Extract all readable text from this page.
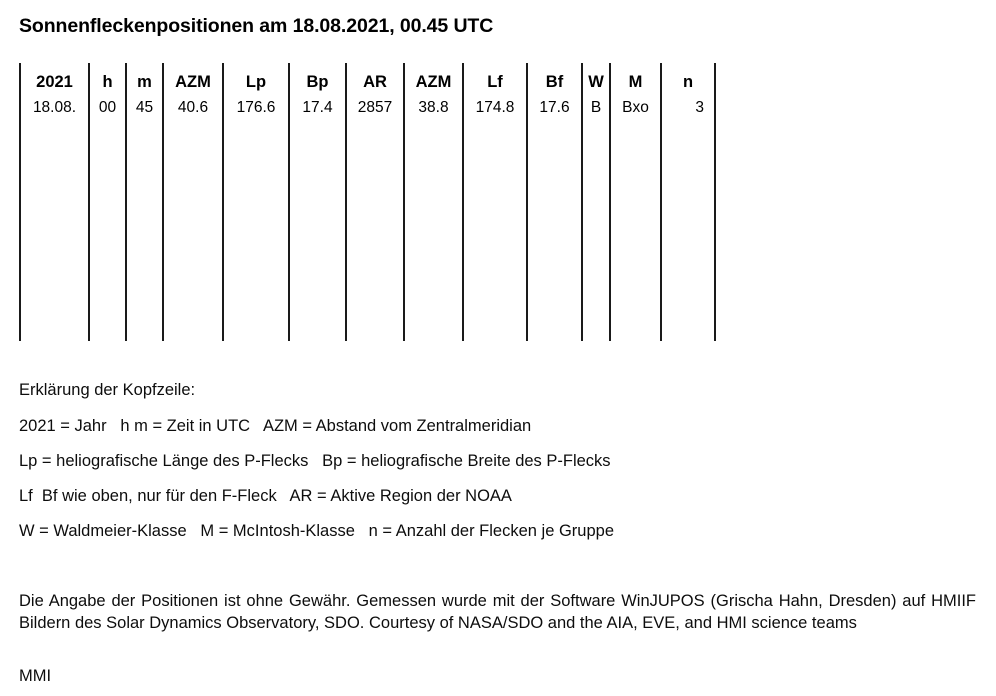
Sonnenfleckenpositionen am 18.08.2021, 00.45 UTC
2021
18.08.
h
00
m
45
AZM
40.6
Lp
176.6
Bp
17.4
AR
2857
AZM
38.8
Lf
174.8
Bf
17.6
W
B
M
Bxo
n
3
Erklärung der Kopfzeile:
2021 = Jahr   h m = Zeit in UTC   AZM = Abstand vom Zentralmeridian
Lp = heliografische Länge des P-Flecks   Bp = heliografische Breite des P-Flecks
Lf  Bf wie oben, nur für den F-Fleck   AR = Aktive Region der NOAA
W = Waldmeier-Klasse   M = McIntosh-Klasse   n = Anzahl der Flecken je Gruppe
Die Angabe der Positionen ist ohne Gewähr. Gemessen wurde mit der Software WinJUPOS (Grischa Hahn, Dresden) auf HMIIF Bildern des Solar Dynamics Observatory, SDO. Courtesy of NASA/SDO and the AIA, EVE, and HMI science teams
MMI
